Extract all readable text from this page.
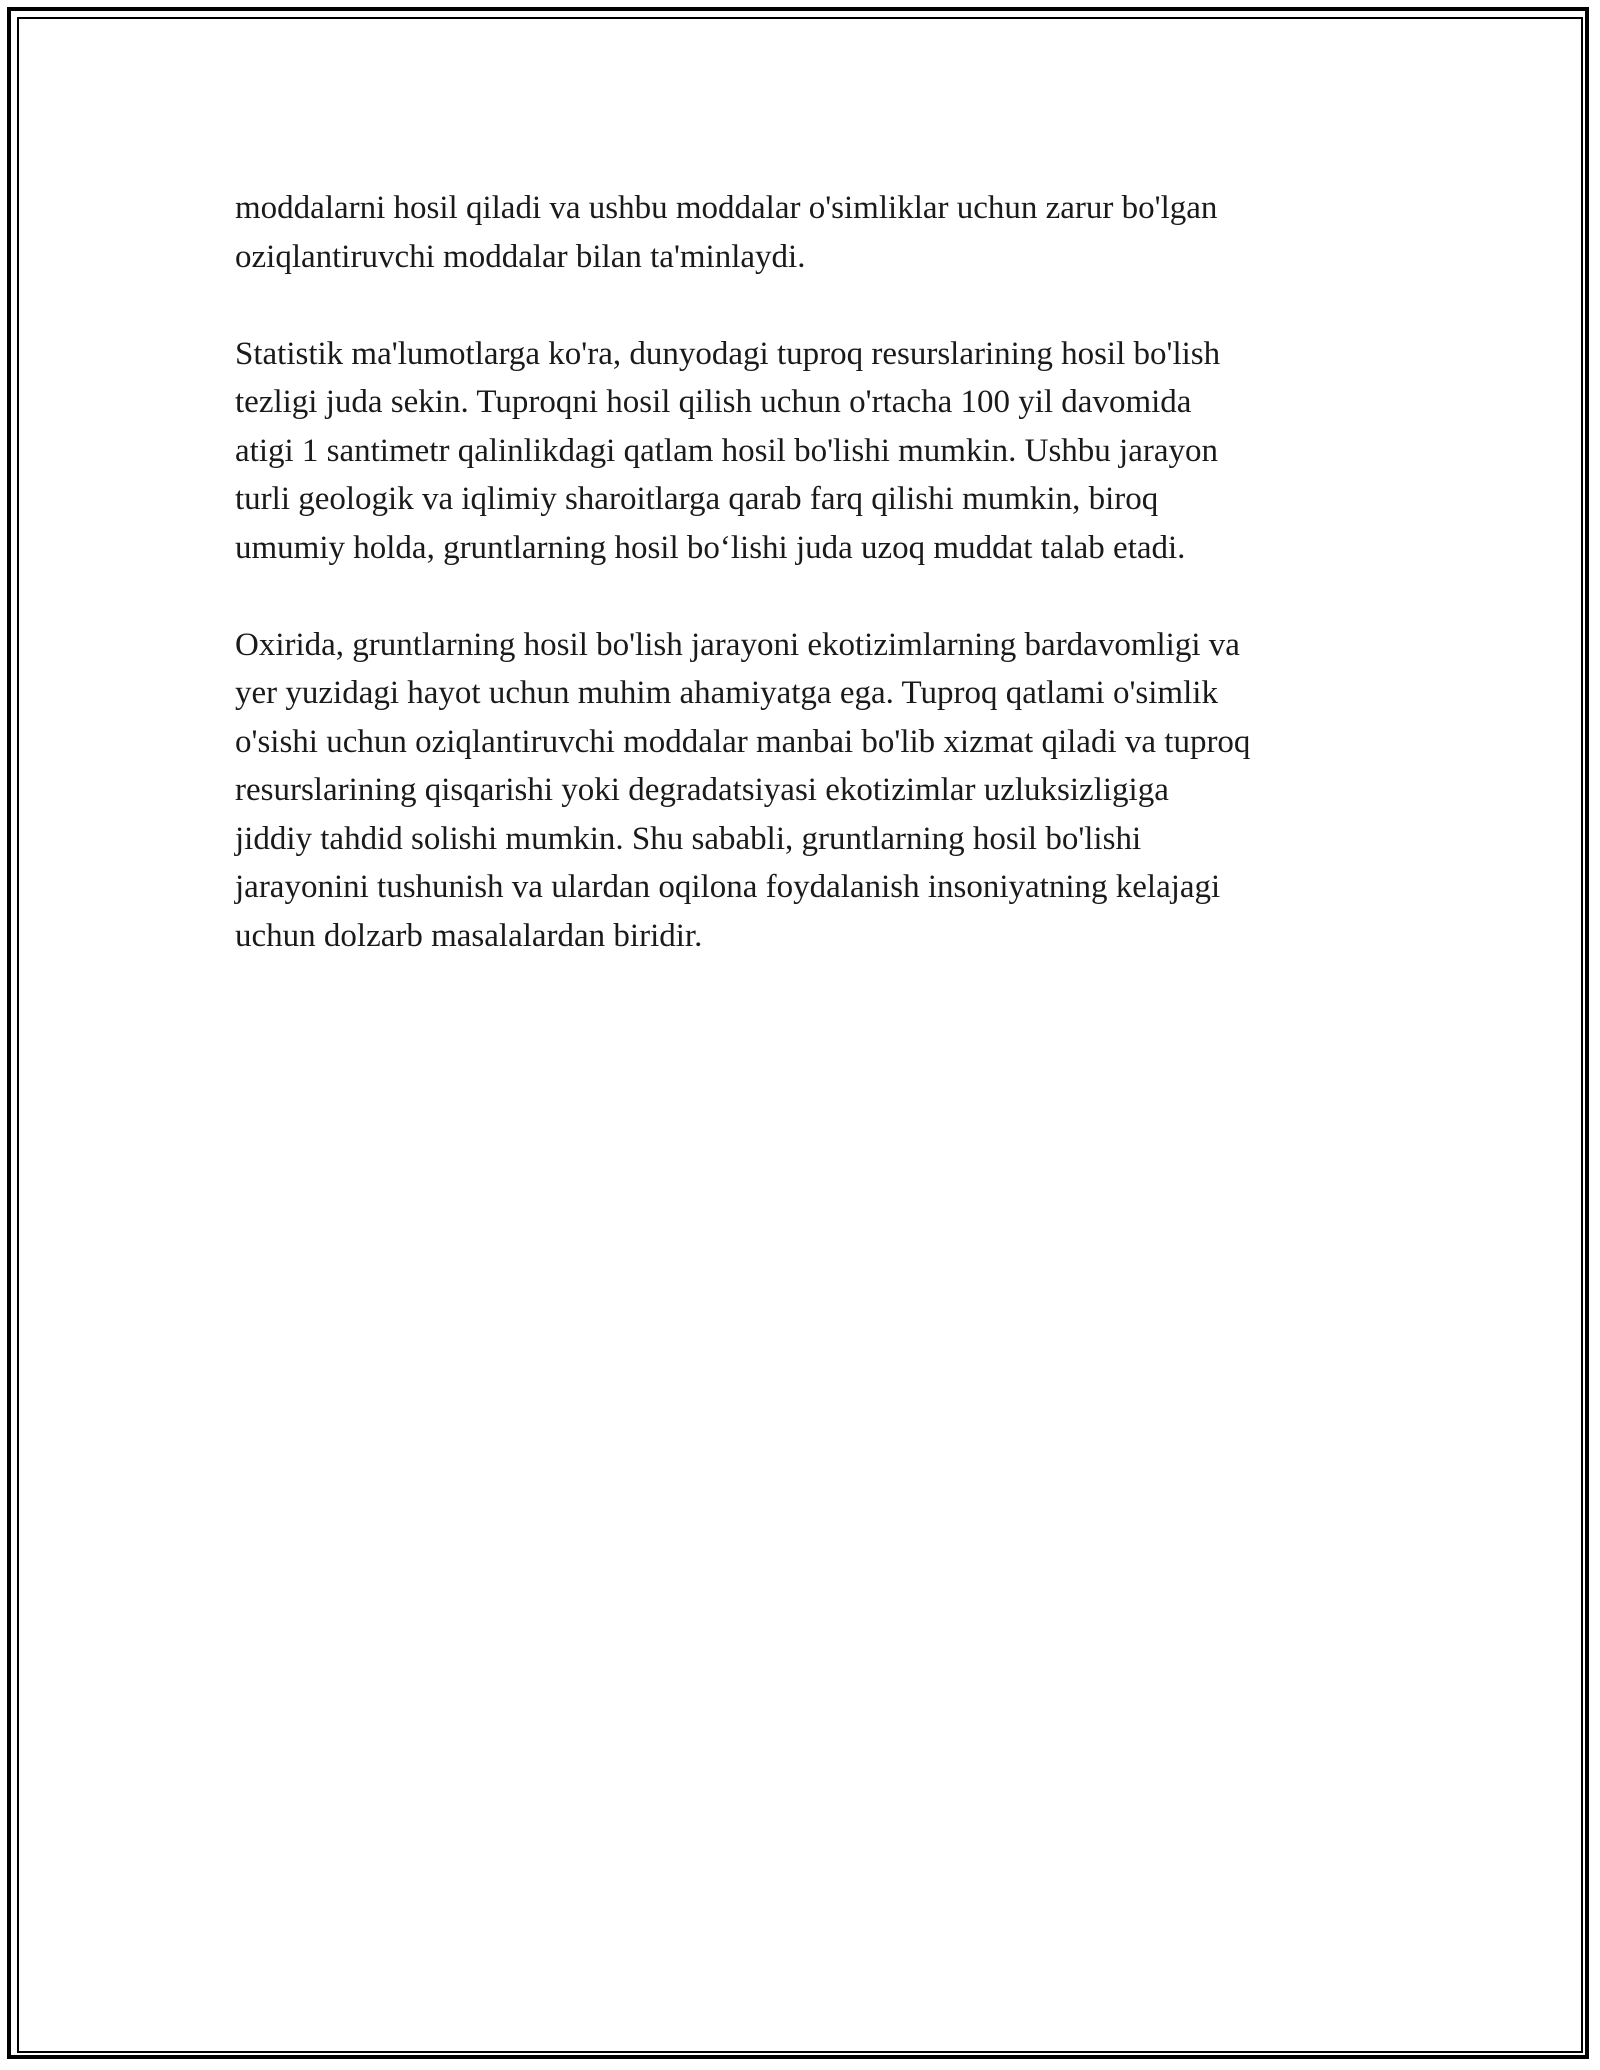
moddalarni hosil qiladi va ushbu moddalar o'simliklar uchun zarur bo'lgan
oziqlantiruvchi moddalar bilan ta'minlaydi.

Statistik ma'lumotlarga ko'ra, dunyodagi tuproq resurslarining hosil bo'lish
tezligi juda sekin. Tuproqni hosil qilish uchun o'rtacha 100 yil davomida
atigi 1 santimetr qalinlikdagi qatlam hosil bo'lishi mumkin. Ushbu jarayon
turli geologik va iqlimiy sharoitlarga qarab farq qilishi mumkin, biroq
umumiy holda, gruntlarning hosil bo‘lishi juda uzoq muddat talab etadi.

Oxirida, gruntlarning hosil bo'lish jarayoni ekotizimlarning bardavomligi va
yer yuzidagi hayot uchun muhim ahamiyatga ega. Tuproq qatlami o'simlik
o'sishi uchun oziqlantiruvchi moddalar manbai bo'lib xizmat qiladi va tuproq
resurslarining qisqarishi yoki degradatsiyasi ekotizimlar uzluksizligiga
jiddiy tahdid solishi mumkin. Shu sababli, gruntlarning hosil bo'lishi
jarayonini tushunish va ulardan oqilona foydalanish insoniyatning kelajagi
uchun dolzarb masalalardan biridir.
